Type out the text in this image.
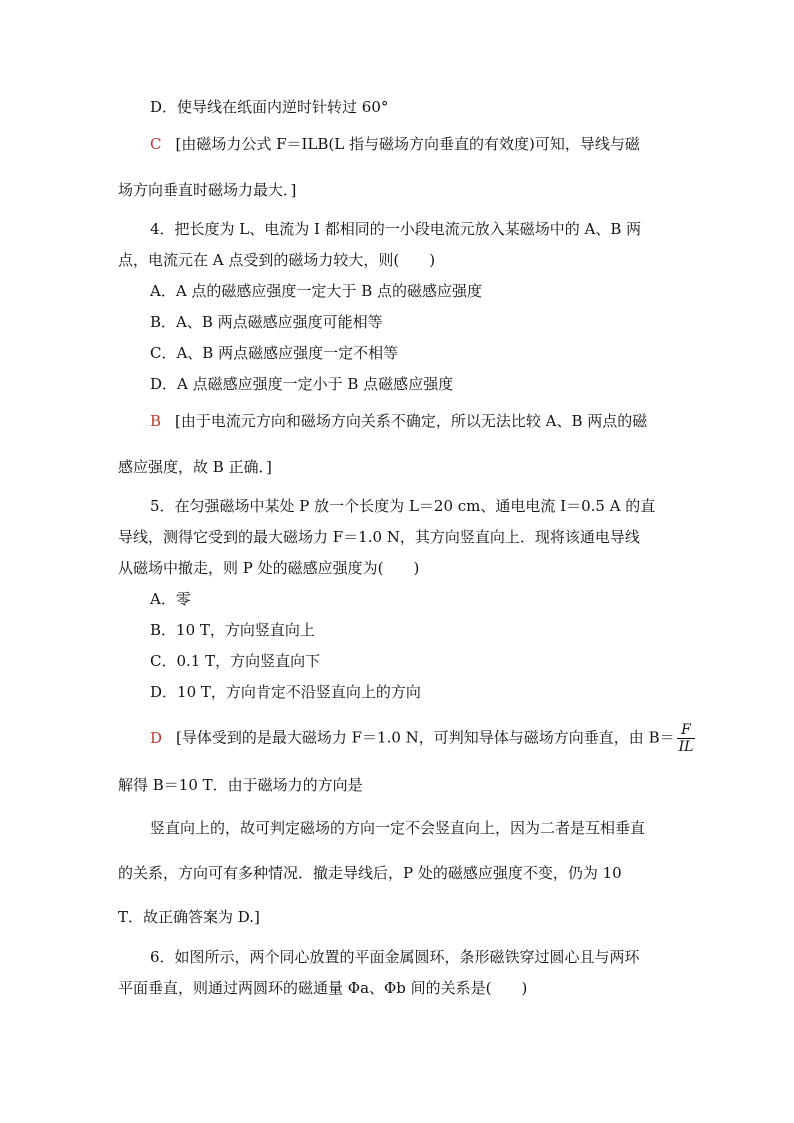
D．使导线在纸面内逆时针转过 60°
C [由磁场力公式 F＝ILB(L 指与磁场方向垂直的有效度)可知，导线与磁
场方向垂直时磁场力最大．]
4．把长度为 L、电流为 I 都相同的一小段电流元放入某磁场中的 A、B 两
点，电流元在 A 点受到的磁场力较大，则(　　)
A．A 点的磁感应强度一定大于 B 点的磁感应强度
B．A、B 两点磁感应强度可能相等
C．A、B 两点磁感应强度一定不相等
D．A 点磁感应强度一定小于 B 点磁感应强度
B [由于电流元方向和磁场方向关系不确定，所以无法比较 A、B 两点的磁
感应强度，故 B 正确．]
5．在匀强磁场中某处 P 放一个长度为 L＝20 cm、通电电流 I＝0.5 A 的直
导线，测得它受到的最大磁场力 F＝1.0 N，其方向竖直向上．现将该通电导线
从磁场中撤走，则 P 处的磁感应强度为(　　)
A．零
B．10 T，方向竖直向上
C．0.1 T，方向竖直向下
D．10 T，方向肯定不沿竖直向上的方向
D [导体受到的是最大磁场力 F＝1.0 N，可判知导体与磁场方向垂直，由 $B= \frac{F}{IL}$
解得 B＝10 T．由于磁场力的方向是
竖直向上的，故可判定磁场的方向一定不会竖直向上，因为二者是互相垂直
的关系，方向可有多种情况．撤走导线后，P 处的磁感应强度不变，仍为 10
T．故正确答案为 D.]
6．如图所示，两个同心放置的平面金属圆环，条形磁铁穿过圆心且与两环
平面垂直，则通过两圆环的磁通量 Φa、Φb 间的关系是(　　)
